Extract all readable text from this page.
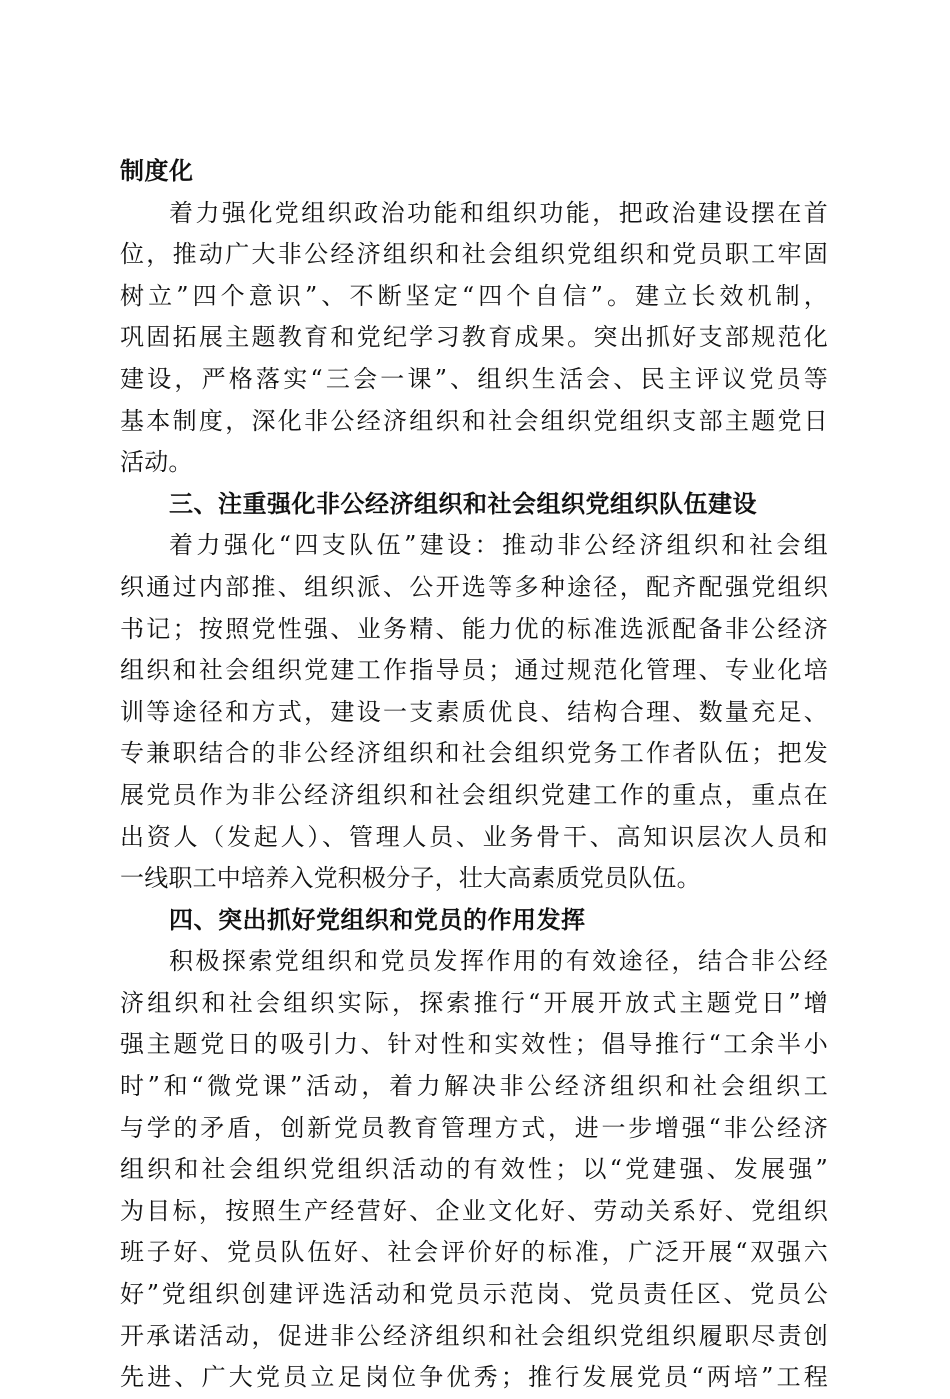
制度化
着力强化党组织政治功能和组织功能，把政治建设摆在首
位，推动广大非公经济组织和社会组织党组织和党员职工牢固
树立”四个意识”、不断坚定“四个自信”。建立长效机制，
巩固拓展主题教育和党纪学习教育成果。突出抓好支部规范化
建设，严格落实“三会一课”、组织生活会、民主评议党员等
基本制度，深化非公经济组织和社会组织党组织支部主题党日
活动。
三、注重强化非公经济组织和社会组织党组织队伍建设
着力强化“四支队伍”建设：推动非公经济组织和社会组
织通过内部推、组织派、公开选等多种途径，配齐配强党组织
书记；按照党性强、业务精、能力优的标准选派配备非公经济
组织和社会组织党建工作指导员；通过规范化管理、专业化培
训等途径和方式，建设一支素质优良、结构合理、数量充足、
专兼职结合的非公经济组织和社会组织党务工作者队伍；把发
展党员作为非公经济组织和社会组织党建工作的重点，重点在
出资人（发起人）、管理人员、业务骨干、高知识层次人员和
一线职工中培养入党积极分子，壮大高素质党员队伍。
四、突出抓好党组织和党员的作用发挥
积极探索党组织和党员发挥作用的有效途径，结合非公经
济组织和社会组织实际，探索推行“开展开放式主题党日”增
强主题党日的吸引力、针对性和实效性；倡导推行“工余半小
时”和“微党课”活动，着力解决非公经济组织和社会组织工
与学的矛盾，创新党员教育管理方式，进一步增强“非公经济
组织和社会组织党组织活动的有效性；以“党建强、发展强”
为目标，按照生产经营好、企业文化好、劳动关系好、党组织
班子好、党员队伍好、社会评价好的标准，广泛开展“双强六
好”党组织创建评选活动和党员示范岗、党员责任区、党员公
开承诺活动，促进非公经济组织和社会组织党组织履职尽责创
先进、广大党员立足岗位争优秀；推行发展党员“两培”工程
